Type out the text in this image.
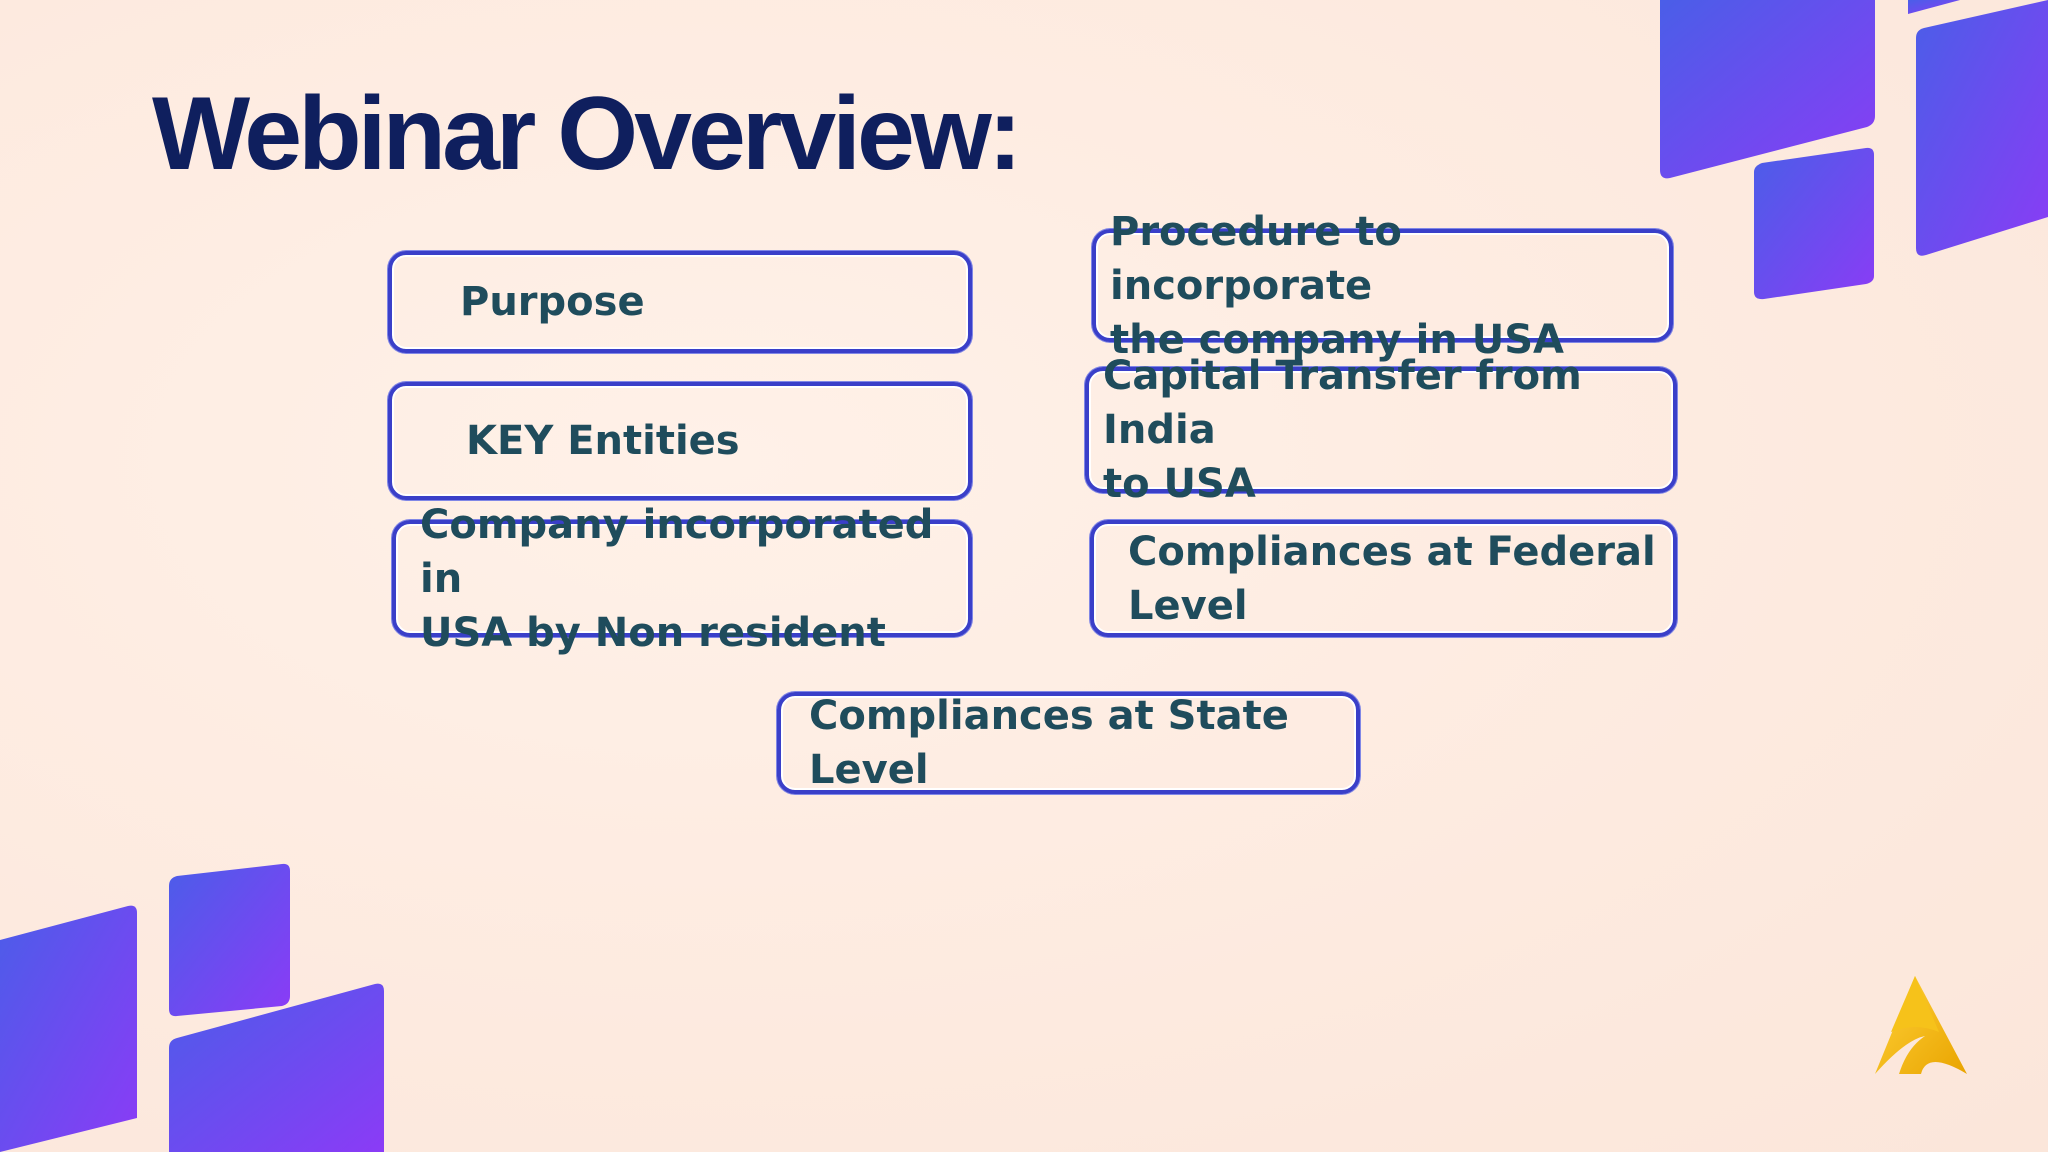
Webinar Overview:
Purpose
Procedure to incorporate
the company in USA
KEY Entities
Capital Transfer from India
to USA
Company incorporated in
USA by Non resident
Compliances at Federal
Level
Compliances at State Level
